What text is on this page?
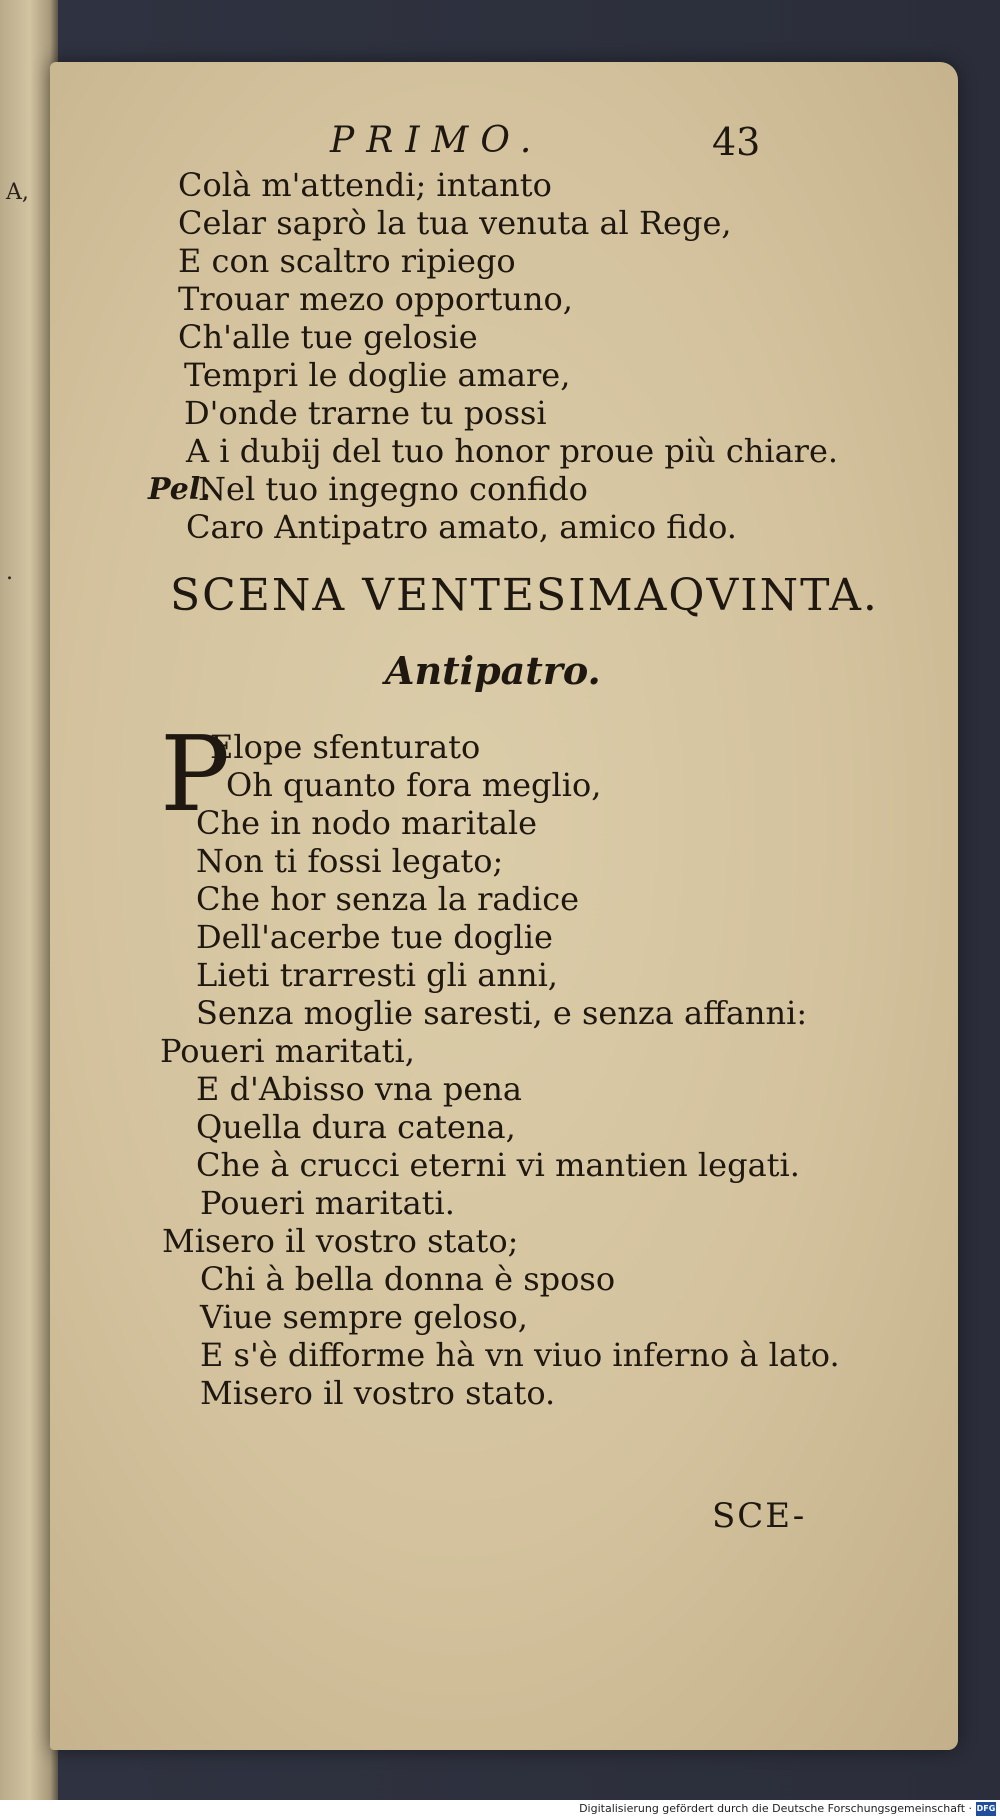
A,
.
PRIMO.	43
Colà m'attendi; intanto
Celar saprò la tua venuta al Rege,
E con scaltro ripiego
Trouar mezo opportuno,
Ch'alle tue gelosie
Tempri le doglie amare,
D'onde trarne tu possi
A i dubij del tuo honor proue più chiare.
Pel.
Nel tuo ingegno confido
Caro Antipatro amato, amico fido.
SCENA VENTESIMAQVINTA.
Antipatro.
P
Elope sfenturato
Oh quanto fora meglio,
Che in nodo maritale
Non ti fossi legato;
Che hor senza la radice
Dell'acerbe tue doglie
Lieti trarresti gli anni,
Senza moglie saresti, e senza affanni:
Poueri maritati,
E d'Abisso vna pena
Quella dura catena,
Che à crucci eterni vi mantien legati.
Poueri maritati.
Misero il vostro stato;
Chi à bella donna è sposo
Viue sempre geloso,
E s'è difforme hà vn viuo inferno à lato.
Misero il vostro stato.
SCE-
Digitalisierung gefördert durch die Deutsche Forschungsgemeinschaft · DFG
